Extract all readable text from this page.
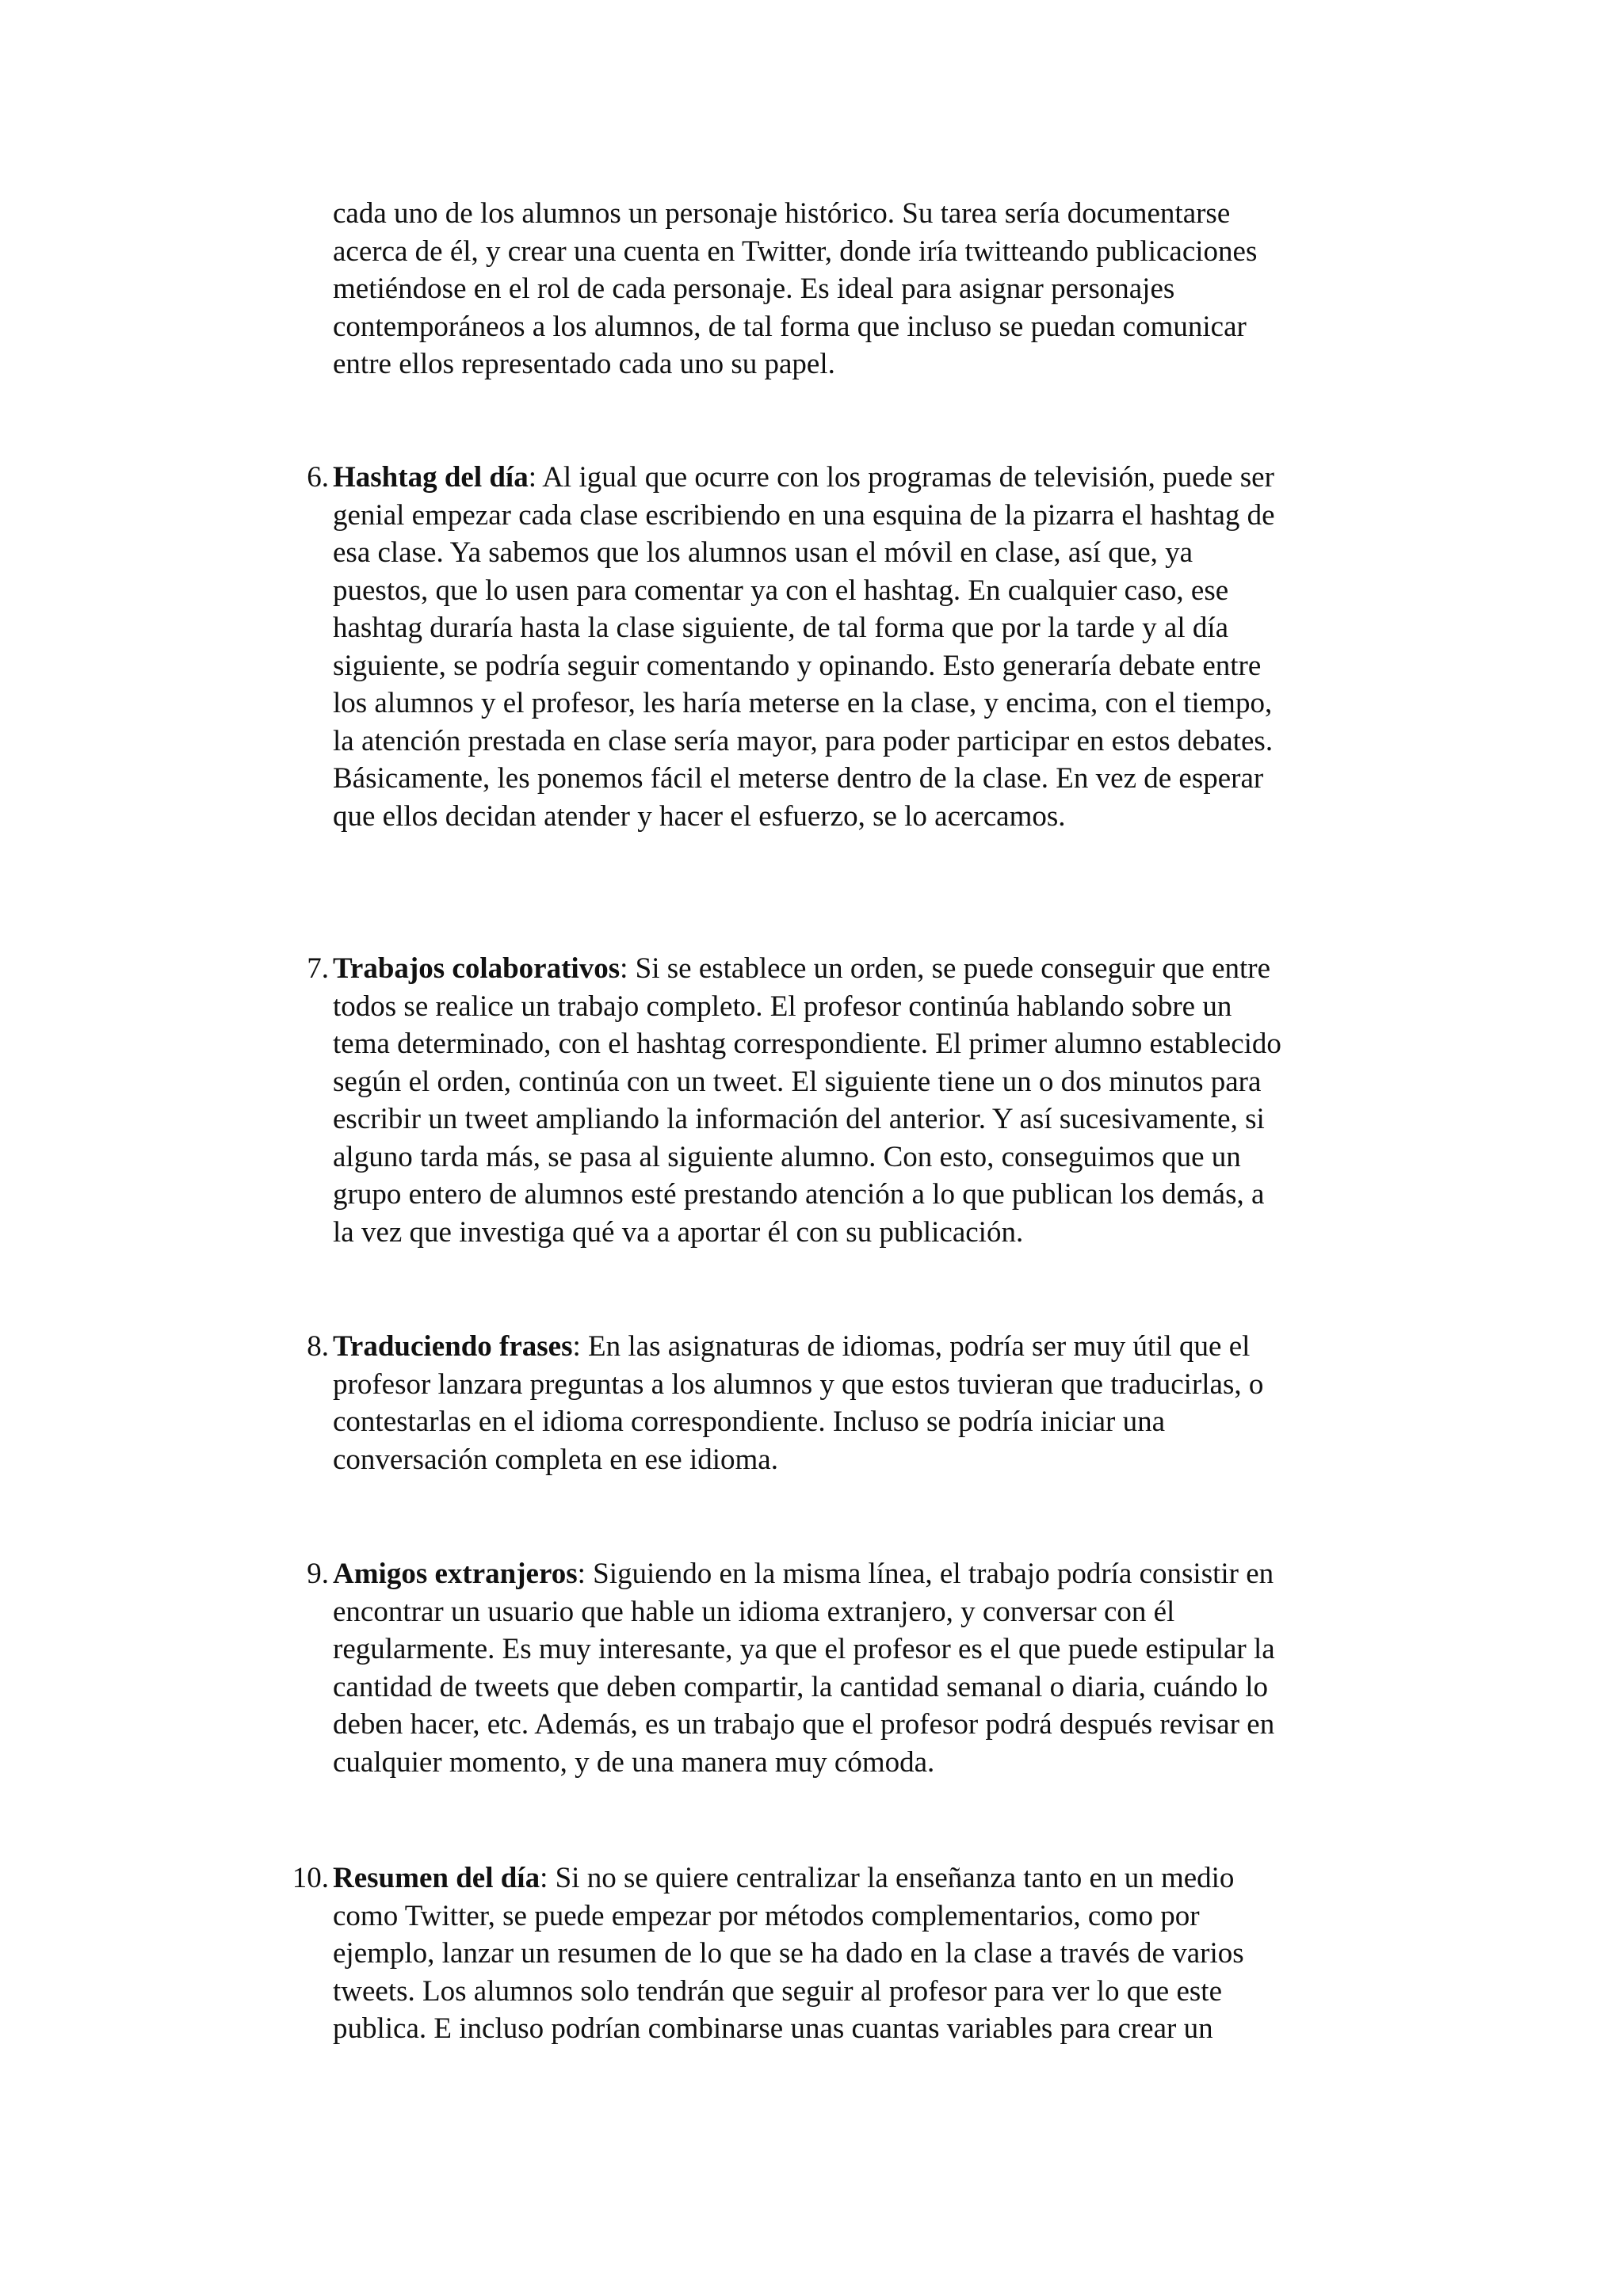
cada uno de los alumnos un personaje histórico. Su tarea sería documentarse
acerca de él, y crear una cuenta en Twitter, donde iría twitteando publicaciones
metiéndose en el rol de cada personaje. Es ideal para asignar personajes
contemporáneos a los alumnos, de tal forma que incluso se puedan comunicar
entre ellos representado cada uno su papel.
6. Hashtag del día: Al igual que ocurre con los programas de televisión, puede ser
genial empezar cada clase escribiendo en una esquina de la pizarra el hashtag de
esa clase. Ya sabemos que los alumnos usan el móvil en clase, así que, ya
puestos, que lo usen para comentar ya con el hashtag. En cualquier caso, ese
hashtag duraría hasta la clase siguiente, de tal forma que por la tarde y al día
siguiente, se podría seguir comentando y opinando. Esto generaría debate entre
los alumnos y el profesor, les haría meterse en la clase, y encima, con el tiempo,
la atención prestada en clase sería mayor, para poder participar en estos debates.
Básicamente, les ponemos fácil el meterse dentro de la clase. En vez de esperar
que ellos decidan atender y hacer el esfuerzo, se lo acercamos.
7. Trabajos colaborativos: Si se establece un orden, se puede conseguir que entre
todos se realice un trabajo completo. El profesor continúa hablando sobre un
tema determinado, con el hashtag correspondiente. El primer alumno establecido
según el orden, continúa con un tweet. El siguiente tiene un o dos minutos para
escribir un tweet ampliando la información del anterior. Y así sucesivamente, si
alguno tarda más, se pasa al siguiente alumno. Con esto, conseguimos que un
grupo entero de alumnos esté prestando atención a lo que publican los demás, a
la vez que investiga qué va a aportar él con su publicación.
8. Traduciendo frases: En las asignaturas de idiomas, podría ser muy útil que el
profesor lanzara preguntas a los alumnos y que estos tuvieran que traducirlas, o
contestarlas en el idioma correspondiente. Incluso se podría iniciar una
conversación completa en ese idioma.
9. Amigos extranjeros: Siguiendo en la misma línea, el trabajo podría consistir en
encontrar un usuario que hable un idioma extranjero, y conversar con él
regularmente. Es muy interesante, ya que el profesor es el que puede estipular la
cantidad de tweets que deben compartir, la cantidad semanal o diaria, cuándo lo
deben hacer, etc. Además, es un trabajo que el profesor podrá después revisar en
cualquier momento, y de una manera muy cómoda.
10. Resumen del día: Si no se quiere centralizar la enseñanza tanto en un medio
como Twitter, se puede empezar por métodos complementarios, como por
ejemplo, lanzar un resumen de lo que se ha dado en la clase a través de varios
tweets. Los alumnos solo tendrán que seguir al profesor para ver lo que este
publica. E incluso podrían combinarse unas cuantas variables para crear un
